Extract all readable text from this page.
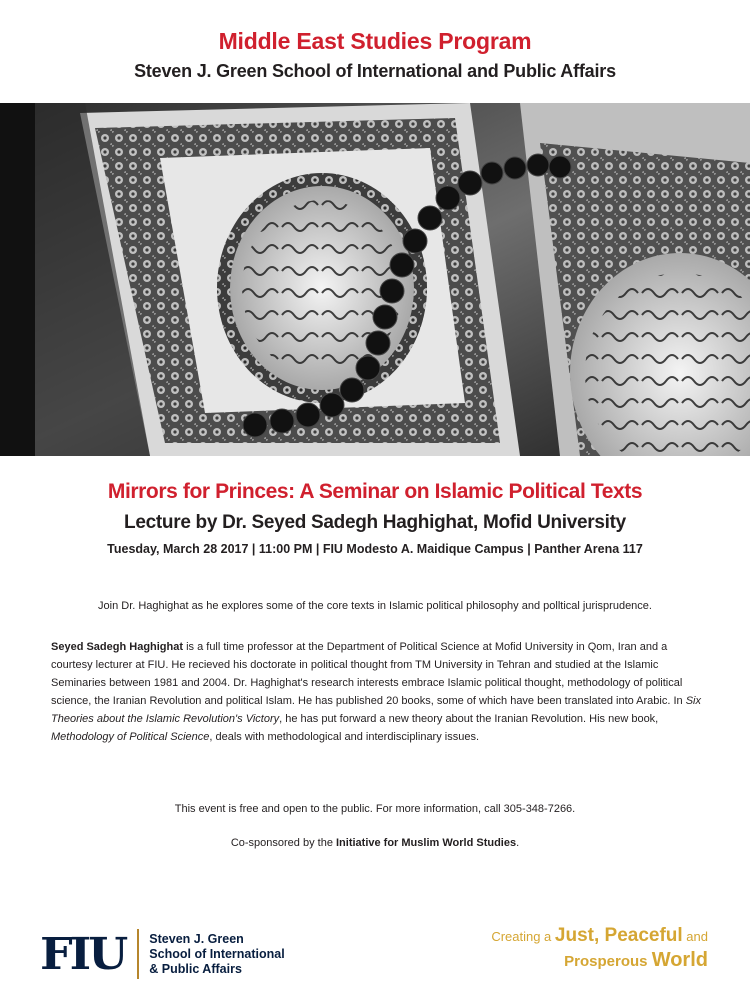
Middle East Studies Program
Steven J. Green School of International and Public Affairs
Mirrors for Princes: A Seminar on Islamic Political Texts
Lecture by Dr. Seyed Sadegh Haghighat, Mofid University
Tuesday, March 28 2017 | 11:00 PM | FIU Modesto A. Maidique Campus | Panther Arena 117
Join Dr. Haghighat as he explores some of the core texts in Islamic political philosophy and polltical jurisprudence.
Seyed Sadegh Haghighat is a full time professor at the Department of Political Science at Mofid University in Qom, Iran and a courtesy lecturer at FIU. He recieved his doctorate in political thought from TM University in Tehran and studied at the Islamic Seminaries between 1981 and 2004. Dr. Haghighat's research interests embrace Islamic political thought, methodology of political science, the Iranian Revolution and political Islam. He has published 20 books, some of which have been translated into Arabic. In Six Theories about the Islamic Revolution's Victory, he has put forward a new theory about the Iranian Revolution. His new book, Methodology of Political Science, deals with methodological and interdisciplinary issues.
This event is free and open to the public. For more information, call 305-348-7266.
Co-sponsored by the Initiative for Muslim World Studies.
FIU Steven J. Green
School of International
& Public Affairs
Creating a Just, Peaceful and
Prosperous World
